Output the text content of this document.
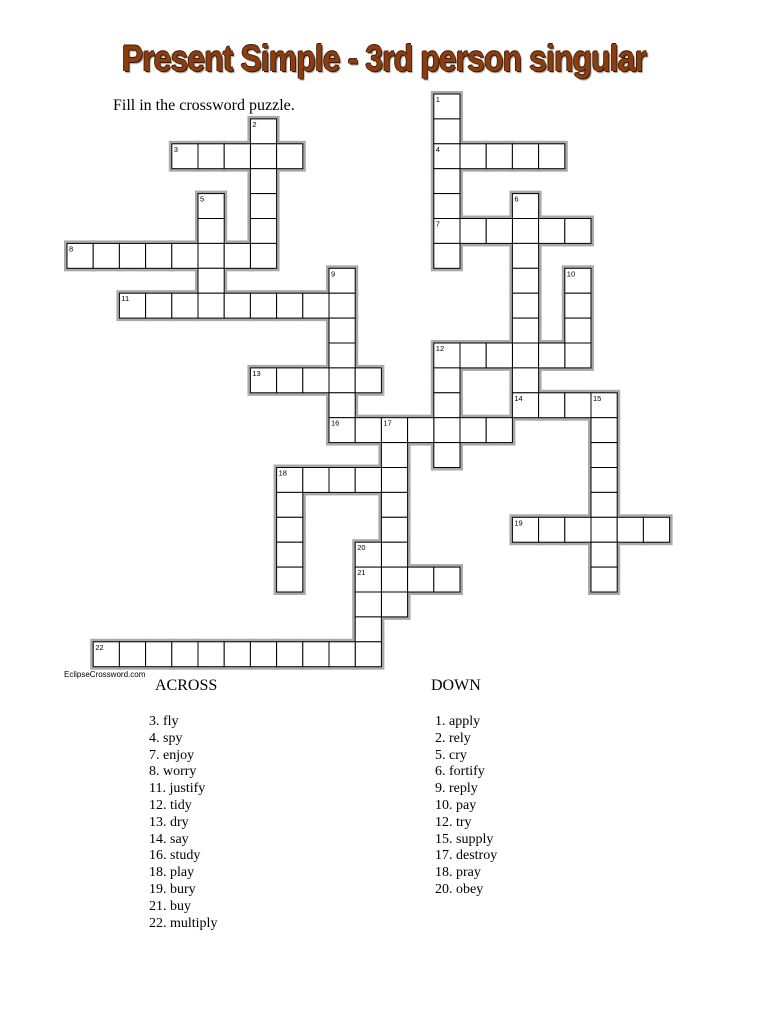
Present Simple - 3rd person singular
Fill in the crossword puzzle.	1
2
3	4
5	6
7
8
9	10
11
12
13
14	15
16	17
18
19
20
21
22
EclipseCrossword.com
ACROSS	DOWN
3. fly
4. spy
7. enjoy
8. worry
11. justify
12. tidy
13. dry
14. say
16. study
18. play
19. bury
21. buy
22. multiply
1. apply
2. rely
5. cry
6. fortify
9. reply
10. pay
12. try
15. supply
17. destroy
18. pray
20. obey
